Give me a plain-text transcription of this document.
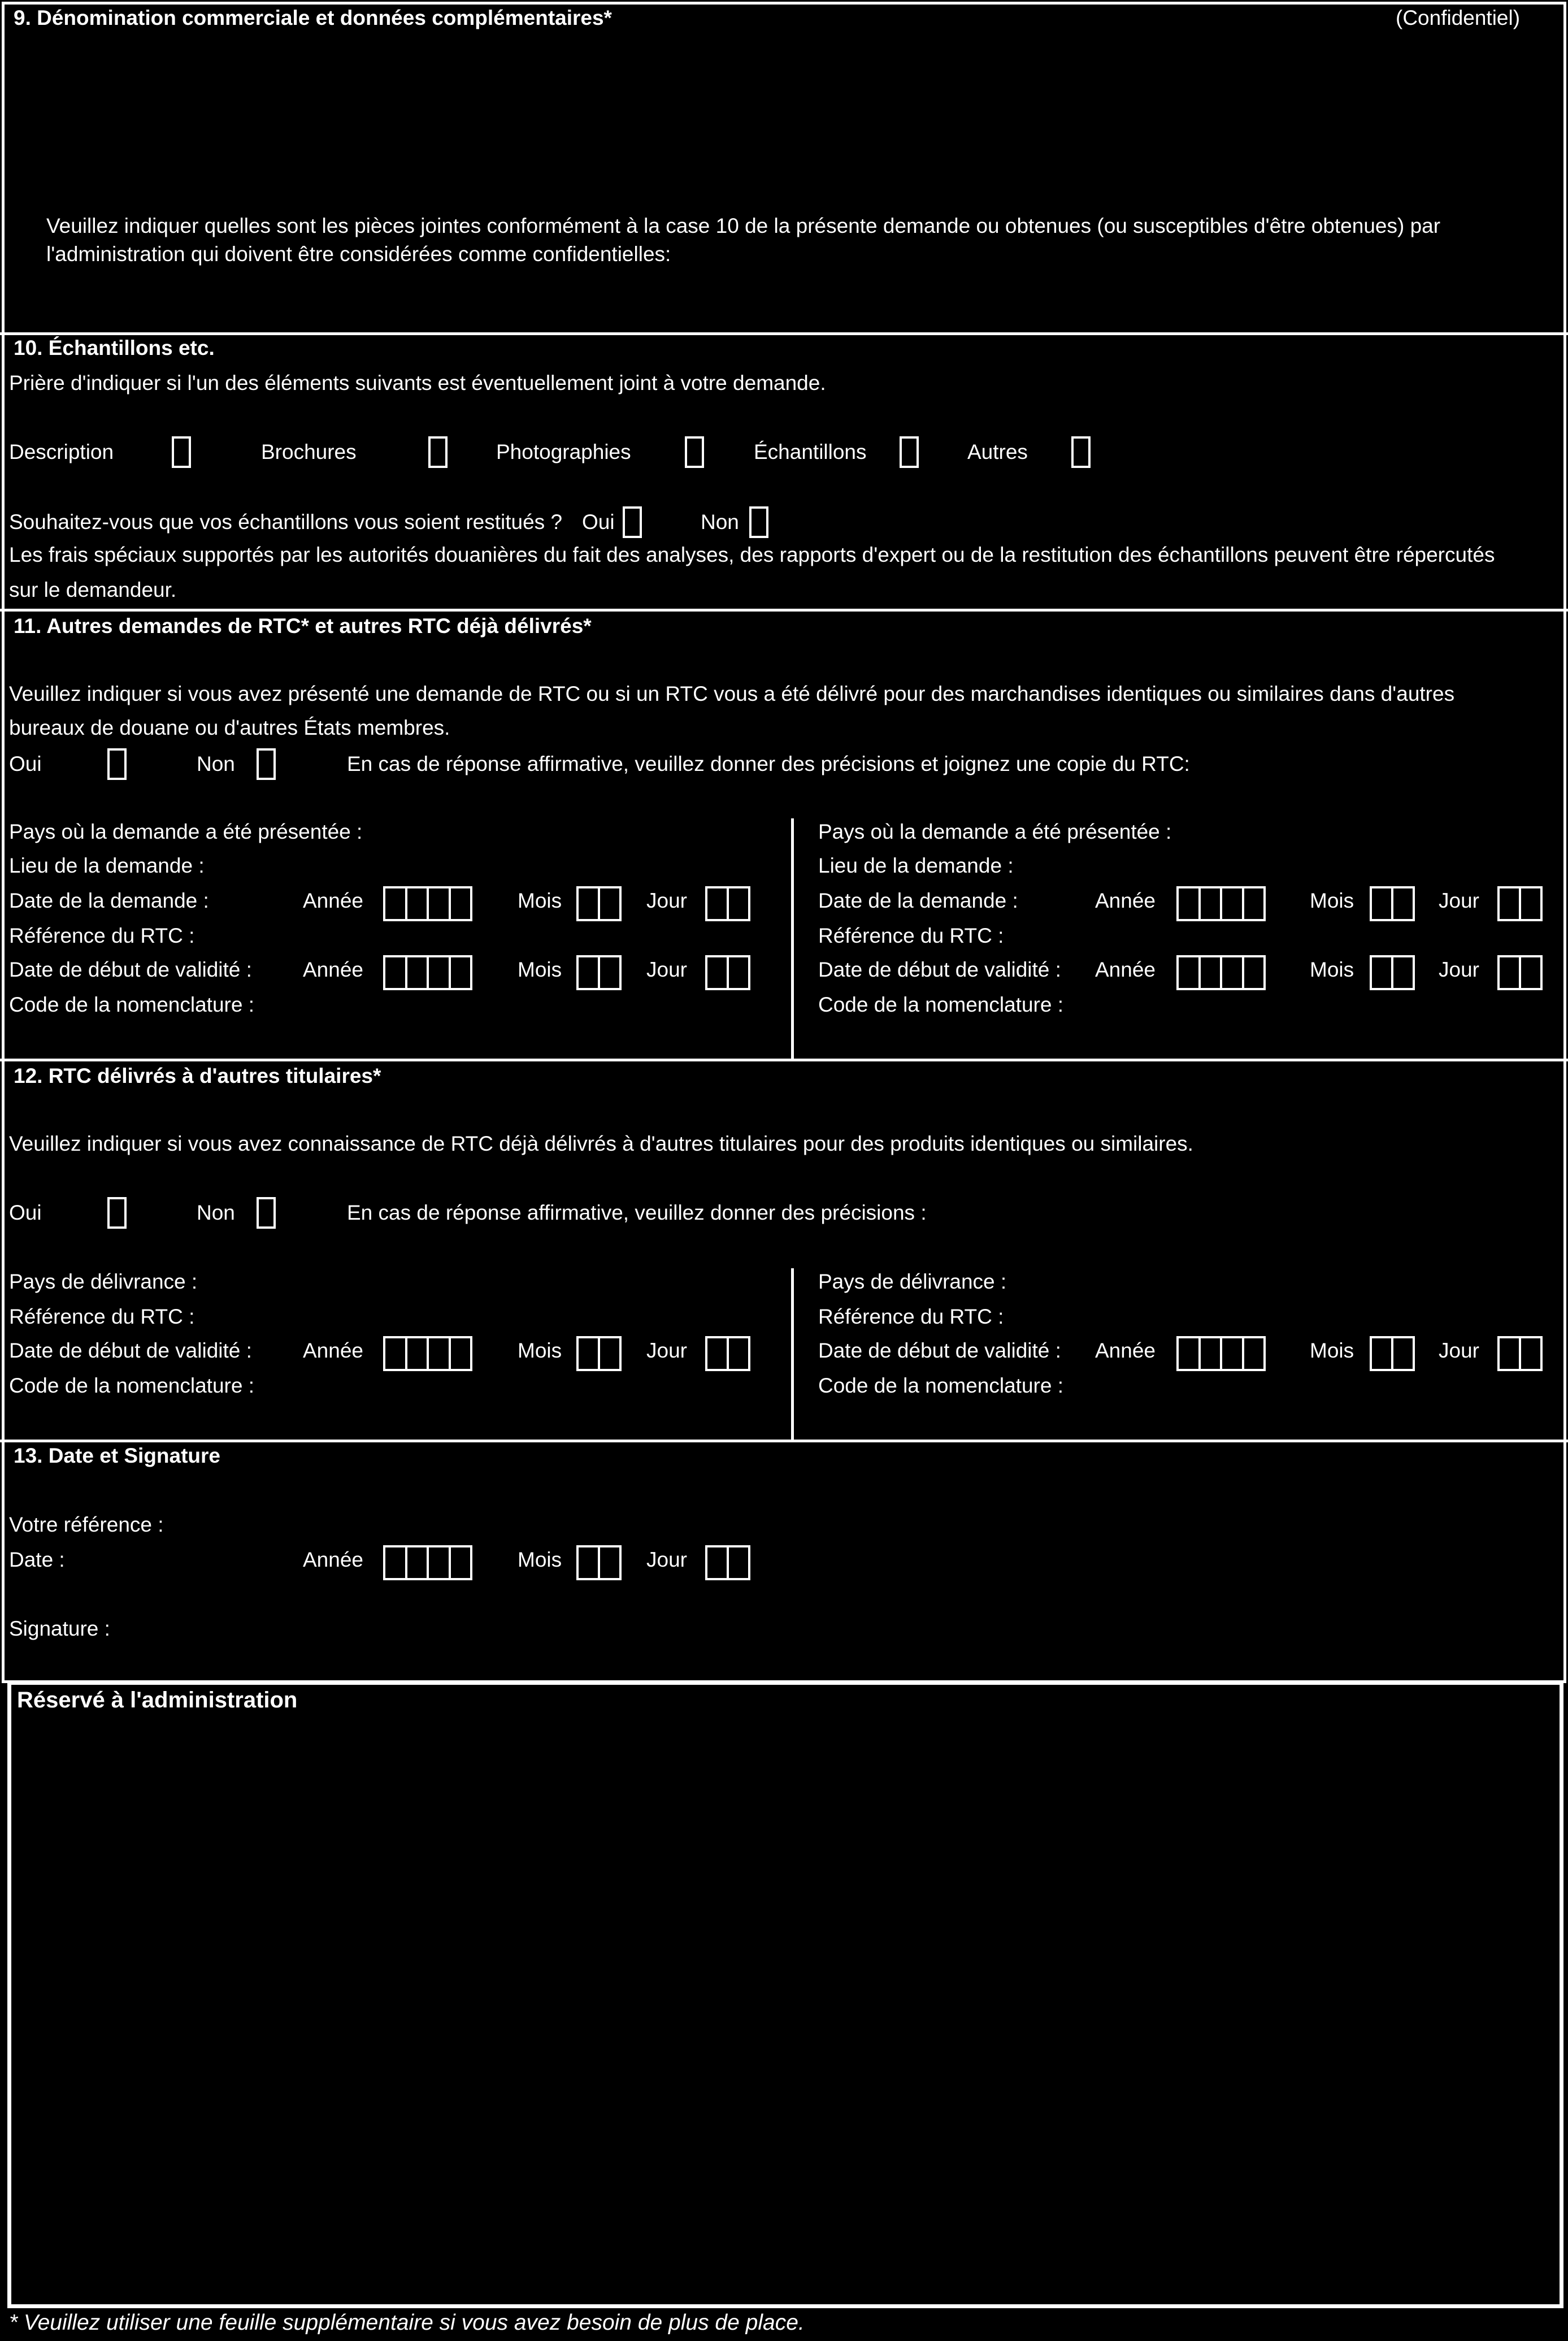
9. Dénomination commerciale et données complémentaires*	(Confidentiel)
Veuillez indiquer quelles sont les pièces jointes conformément à la case 10 de la présente demande ou obtenues (ou susceptibles d'être obtenues) par
l'administration qui doivent être considérées comme confidentielles:
10. Échantillons etc.
Prière d'indiquer si l'un des éléments suivants est éventuellement joint à votre demande.
Description	Brochures	Photographies	Échantillons	Autres
Souhaitez-vous que vos échantillons vous soient restitués ? Oui	Non
Les frais spéciaux supportés par les autorités douanières du fait des analyses, des rapports d'expert ou de la restitution des échantillons peuvent être répercutés
sur le demandeur.
11. Autres demandes de RTC* et autres RTC déjà délivrés*
Veuillez indiquer si vous avez présenté une demande de RTC ou si un RTC vous a été délivré pour des marchandises identiques ou similaires dans d'autres
bureaux de douane ou d'autres États membres.
Oui	Non	En cas de réponse affirmative, veuillez donner des précisions et joignez une copie du RTC:
Pays où la demande a été présentée :
Lieu de la demande :
Date de la demande :	Année	Mois	Jour
Référence du RTC :
Date de début de validité : Année	Mois	Jour
Code de la nomenclature :
Pays où la demande a été présentée :
Lieu de la demande :
Date de la demande :	Année	Mois	Jour
Référence du RTC :
Date de début de validité : Année	Mois	Jour
Code de la nomenclature :
12. RTC délivrés à d'autres titulaires*
Veuillez indiquer si vous avez connaissance de RTC déjà délivrés à d'autres titulaires pour des produits identiques ou similaires.
Oui	Non	En cas de réponse affirmative, veuillez donner des précisions :
Pays de délivrance :
Référence du RTC :
Date de début de validité : Année	Mois	Jour
Code de la nomenclature :
Pays de délivrance :
Référence du RTC :
Date de début de validité : Année	Mois	Jour
Code de la nomenclature :
13. Date et Signature
Votre référence :
Date :	Année	Mois	Jour
Signature :
Réservé à l'administration
* Veuillez utiliser une feuille supplémentaire si vous avez besoin de plus de place.
